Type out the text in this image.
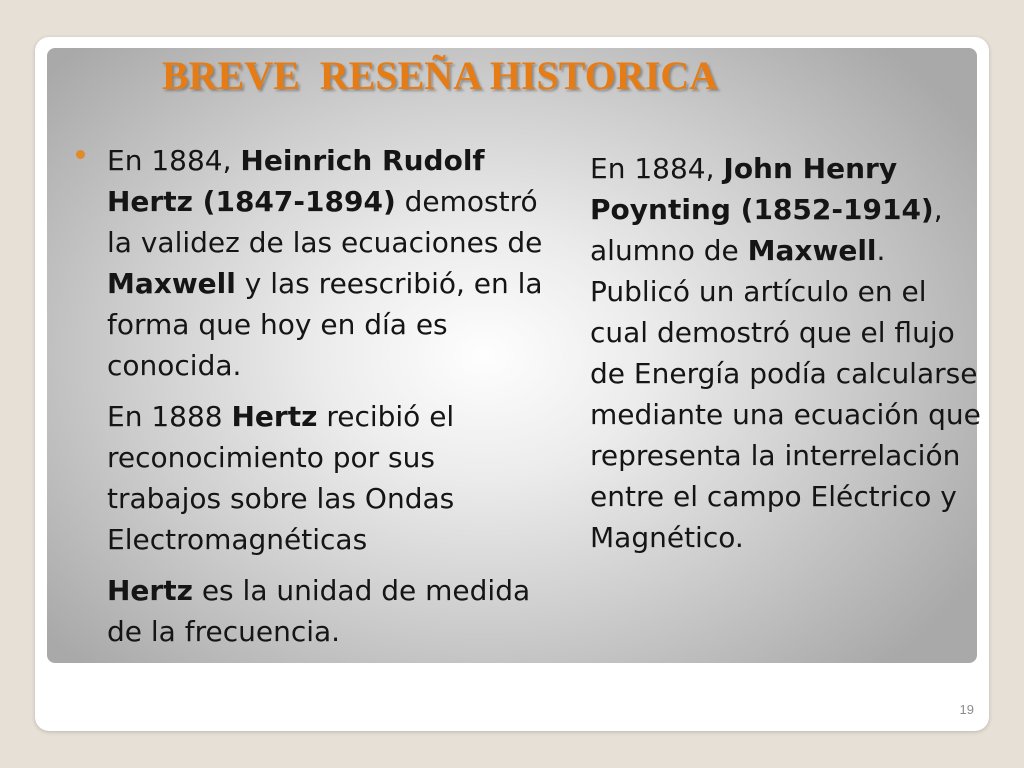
BREVE  RESEÑA HISTORICA

En 1884, Heinrich Rudolf Hertz (1847-1894) demostró la validez de las ecuaciones de Maxwell y las reescribió, en la forma que hoy en día es conocida.

En 1888 Hertz recibió el reconocimiento por sus trabajos sobre las Ondas Electromagnéticas

Hertz es la unidad de medida de la frecuencia.

En 1884, John Henry Poynting (1852-1914), alumno de Maxwell. Publicó un artículo en el cual demostró que el flujo de Energía podía calcularse mediante una ecuación que representa la interrelación entre el campo Eléctrico y Magnético.

19
